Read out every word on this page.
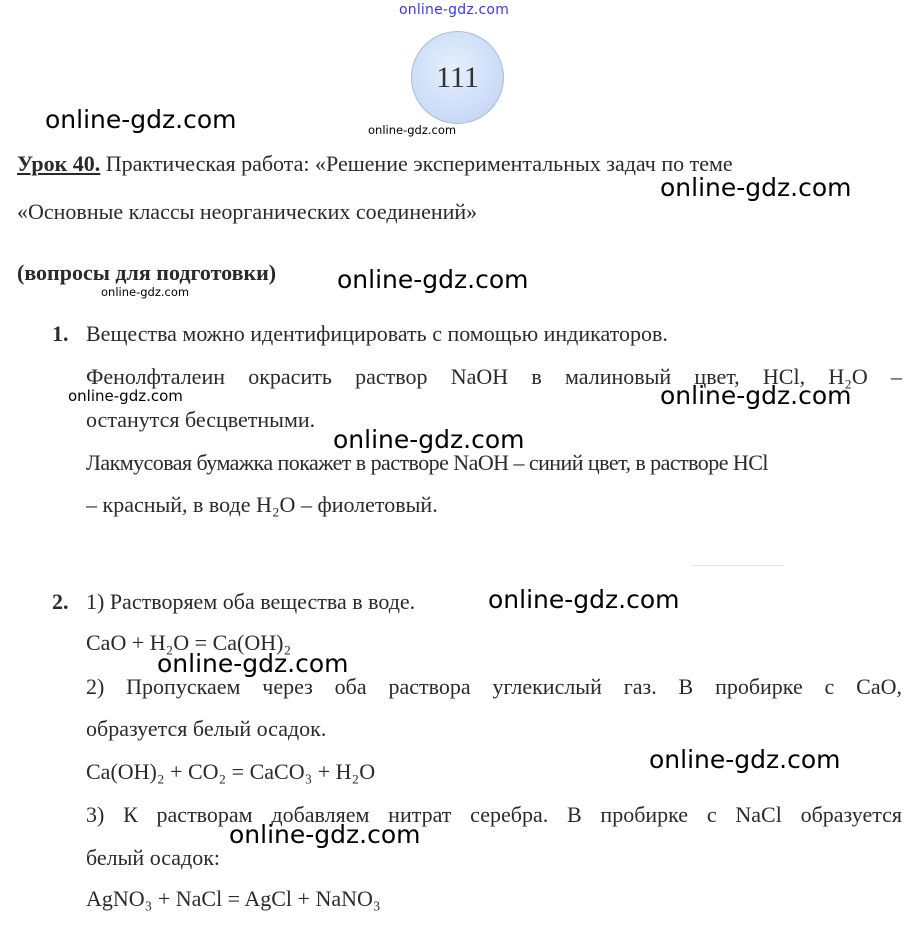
online-gdz.com
online-gdz.com
online-gdz.com
online-gdz.com
online-gdz.com
online-gdz.com
online-gdz.com	online-gdz.com
online-gdz.com
online-gdz.com
online-gdz.com
online-gdz.com
online-gdz.com
111
Урок 40. Практическая работа: «Решение экспериментальных задач по теме
«Основные классы неорганических соединений»
(вопросы для подготовки)
1. Вещества можно идентифицировать с помощью индикаторов.
Фенолфталеин окрасить раствор NaOH в малиновый цвет, HCl, H₂O –
останутся бесцветными.
Лакмусовая бумажка покажет в растворе NaOH – синий цвет, в растворе HCl
– красный, в воде H₂O – фиолетовый.
2. 1) Растворяем оба вещества в воде.
CaO + H₂O = Ca(OH)₂
2) Пропускаем через оба раствора углекислый газ. В пробирке с CaO,
образуется белый осадок.
Ca(OH)₂ + CO₂ = CaCO₃ + H₂O
3) К растворам добавляем нитрат серебра. В пробирке с NaCl образуется
белый осадок:
AgNO₃ + NaCl = AgCl + NaNO₃
